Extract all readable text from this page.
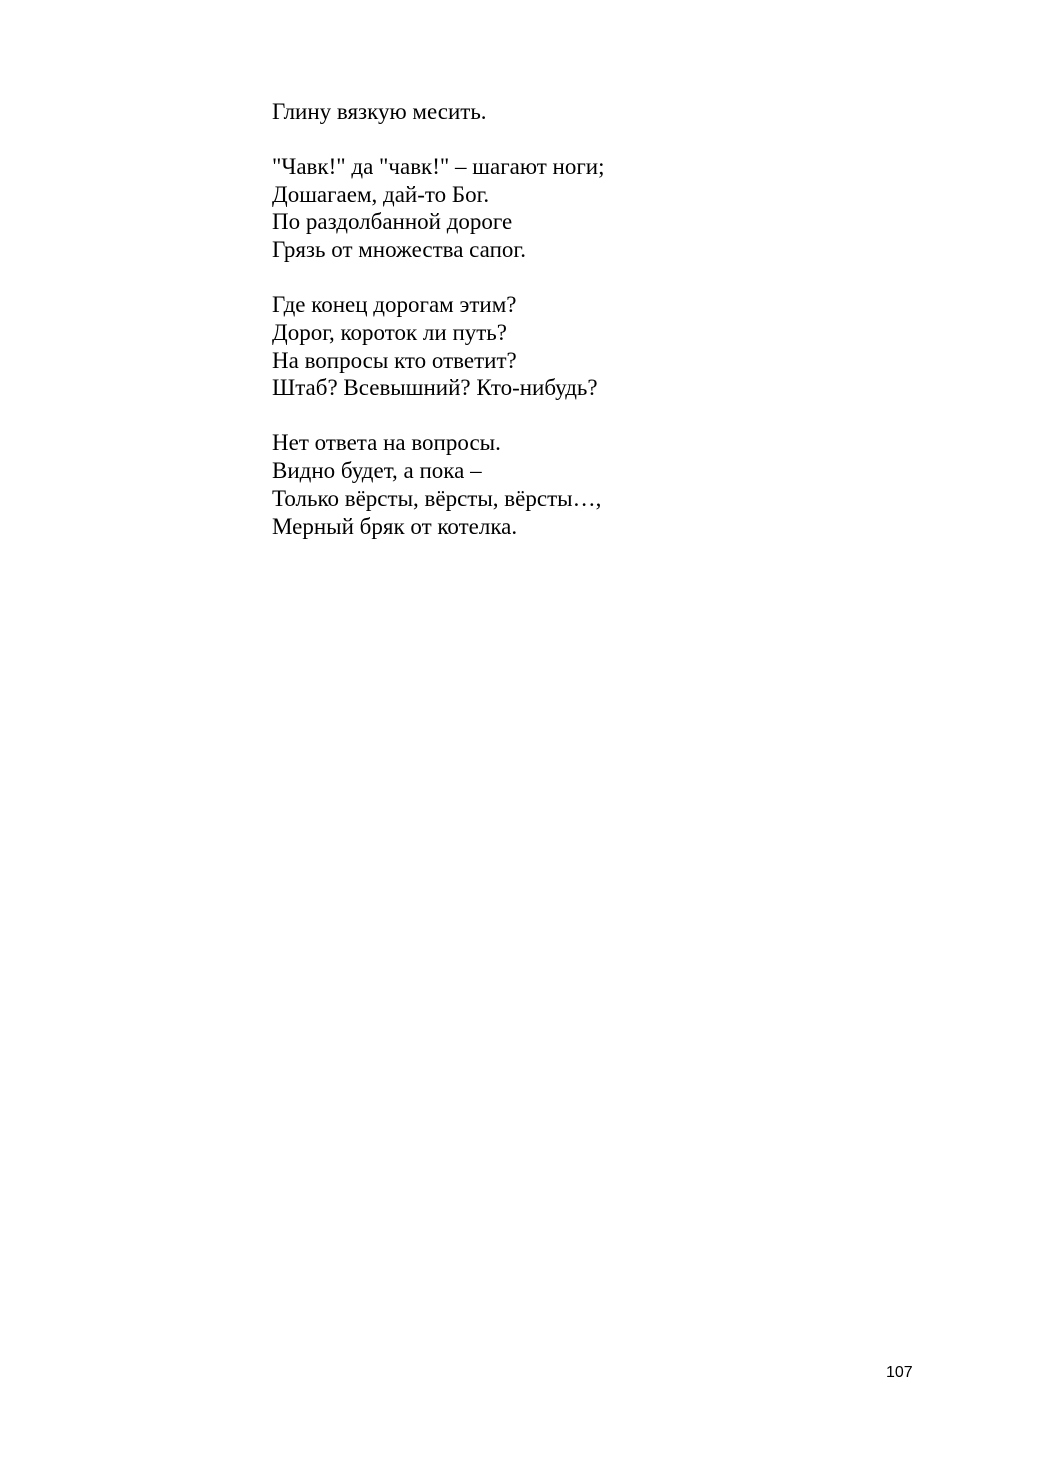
Глину вязкую месить.
"Чавк!" да "чавк!" – шагают ноги;
Дошагаем, дай-то Бог.
По раздолбанной дороге
Грязь от множества сапог.
Где конец дорогам этим?
Дорог, короток ли путь?
На вопросы кто ответит?
Штаб? Всевышний? Кто-нибудь?
Нет ответа на вопросы.
Видно будет, а пока –
Только вёрсты, вёрсты, вёрсты…,
Мерный бряк от котелка.
107
